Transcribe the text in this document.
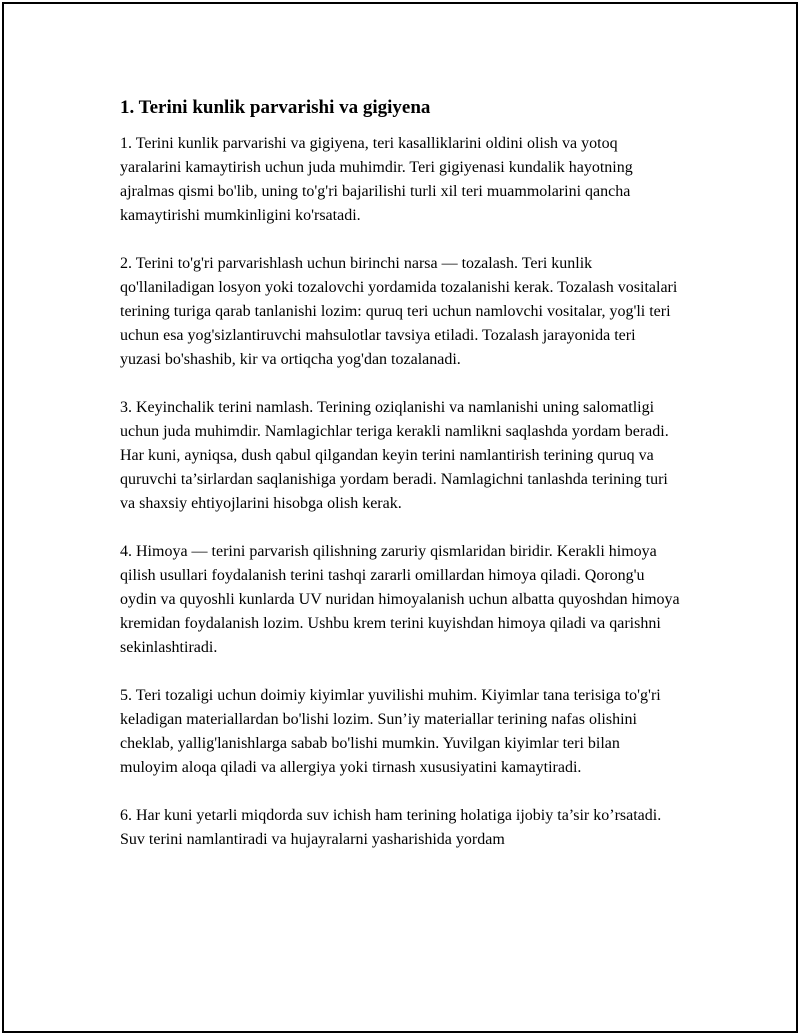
1. Terini kunlik parvarishi va gigiyena

1. Terini kunlik parvarishi va gigiyena, teri kasalliklarini oldini olish va yotoq yaralarini kamaytirish uchun juda muhimdir. Teri gigiyenasi kundalik hayotning ajralmas qismi bo'lib, uning to'g'ri bajarilishi turli xil teri muammolarini qancha kamaytirishi mumkinligini ko'rsatadi.

2. Terini to'g'ri parvarishlash uchun birinchi narsa — tozalash. Teri kunlik qo'llaniladigan losyon yoki tozalovchi yordamida tozalanishi kerak. Tozalash vositalari terining turiga qarab tanlanishi lozim: quruq teri uchun namlovchi vositalar, yog'li teri uchun esa yog'sizlantiruvchi mahsulotlar tavsiya etiladi. Tozalash jarayonida teri yuzasi bo'shashib, kir va ortiqcha yog'dan tozalanadi.

3. Keyinchalik terini namlash. Terining oziqlanishi va namlanishi uning salomatligi uchun juda muhimdir. Namlagichlar teriga kerakli namlikni saqlashda yordam beradi. Har kuni, ayniqsa, dush qabul qilgandan keyin terini namlantirish terining quruq va quruvchi ta’sirlardan saqlanishiga yordam beradi. Namlagichni tanlashda terining turi va shaxsiy ehtiyojlarini hisobga olish kerak.

4. Himoya — terini parvarish qilishning zaruriy qismlaridan biridir. Kerakli himoya qilish usullari foydalanish terini tashqi zararli omillardan himoya qiladi. Qorong'u oydin va quyoshli kunlarda UV nuridan himoyalanish uchun albatta quyoshdan himoya kremidan foydalanish lozim. Ushbu krem terini kuyishdan himoya qiladi va qarishni sekinlashtiradi.

5. Teri tozaligi uchun doimiy kiyimlar yuvilishi muhim. Kiyimlar tana terisiga to'g'ri keladigan materiallardan bo'lishi lozim. Sun’iy materiallar terining nafas olishini cheklab, yallig'lanishlarga sabab bo'lishi mumkin. Yuvilgan kiyimlar teri bilan muloyim aloqa qiladi va allergiya yoki tirnash xususiyatini kamaytiradi.

6. Har kuni yetarli miqdorda suv ichish ham terining holatiga ijobiy ta’sir ko’rsatadi. Suv terini namlantiradi va hujayralarni yasharishida yordam
